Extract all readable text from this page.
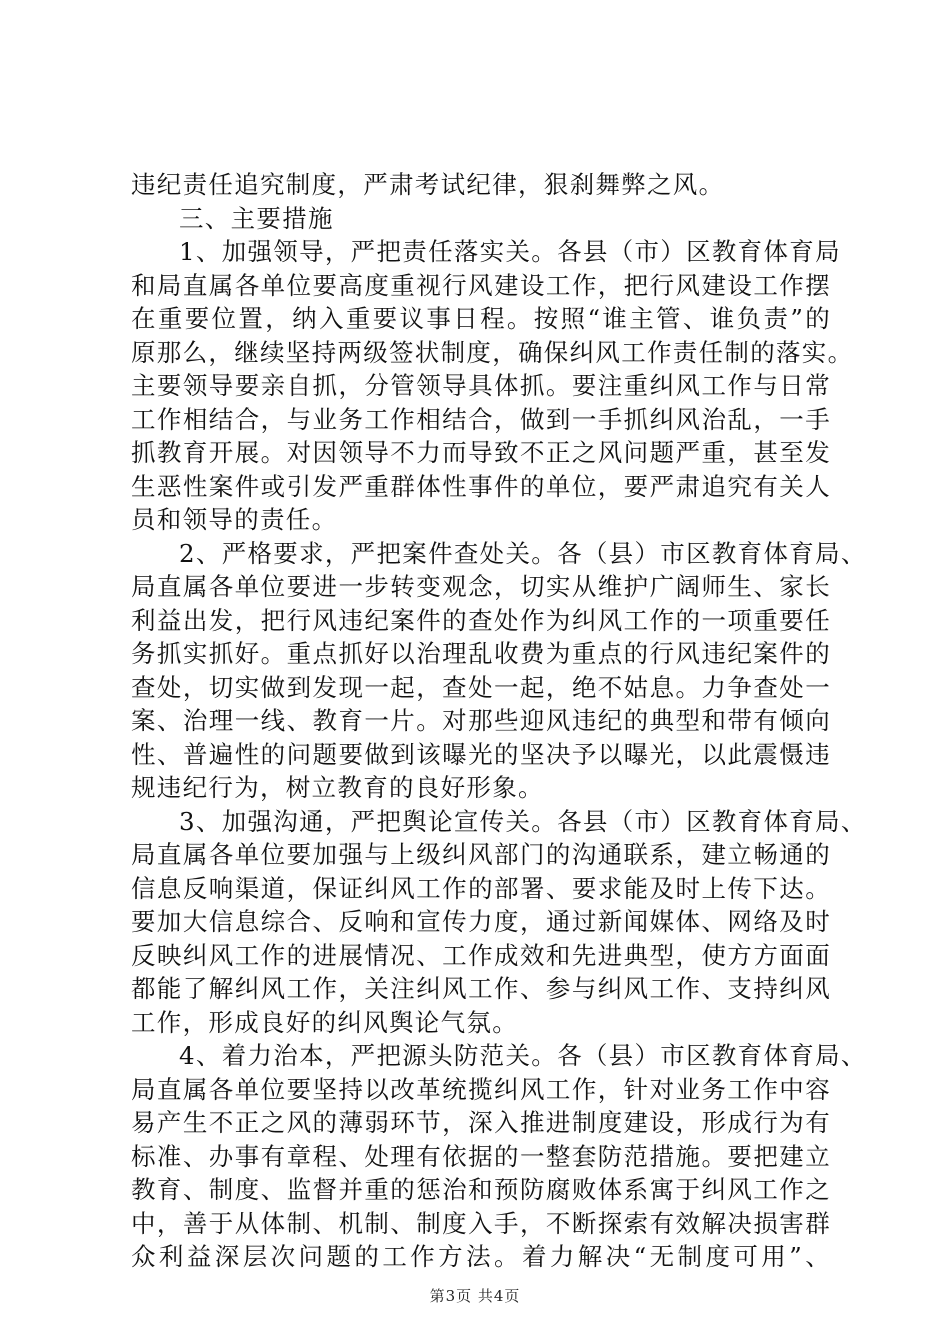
违纪责任追究制度，严肃考试纪律，狠刹舞弊之风。
三、主要措施
1、加强领导，严把责任落实关。各县（市）区教育体育局
和局直属各单位要高度重视行风建设工作，把行风建设工作摆
在重要位置，纳入重要议事日程。按照“谁主管、谁负责”的
原那么，继续坚持两级签状制度，确保纠风工作责任制的落实。
主要领导要亲自抓，分管领导具体抓。要注重纠风工作与日常
工作相结合，与业务工作相结合，做到一手抓纠风治乱，一手
抓教育开展。对因领导不力而导致不正之风问题严重，甚至发
生恶性案件或引发严重群体性事件的单位，要严肃追究有关人
员和领导的责任。
2、严格要求，严把案件查处关。各（县）市区教育体育局、
局直属各单位要进一步转变观念，切实从维护广阔师生、家长
利益出发，把行风违纪案件的查处作为纠风工作的一项重要任
务抓实抓好。重点抓好以治理乱收费为重点的行风违纪案件的
查处，切实做到发现一起，查处一起，绝不姑息。力争查处一
案、治理一线、教育一片。对那些迎风违纪的典型和带有倾向
性、普遍性的问题要做到该曝光的坚决予以曝光，以此震慑违
规违纪行为，树立教育的良好形象。
3、加强沟通，严把舆论宣传关。各县（市）区教育体育局、
局直属各单位要加强与上级纠风部门的沟通联系，建立畅通的
信息反响渠道，保证纠风工作的部署、要求能及时上传下达。
要加大信息综合、反响和宣传力度，通过新闻媒体、网络及时
反映纠风工作的进展情况、工作成效和先进典型，使方方面面
都能了解纠风工作，关注纠风工作、参与纠风工作、支持纠风
工作，形成良好的纠风舆论气氛。
4、着力治本，严把源头防范关。各（县）市区教育体育局、
局直属各单位要坚持以改革统揽纠风工作，针对业务工作中容
易产生不正之风的薄弱环节，深入推进制度建设，形成行为有
标准、办事有章程、处理有依据的一整套防范措施。要把建立
教育、制度、监督并重的惩治和预防腐败体系寓于纠风工作之
中，善于从体制、机制、制度入手，不断探索有效解决损害群
众利益深层次问题的工作方法。着力解决“无制度可用”、
第3页 共4页
